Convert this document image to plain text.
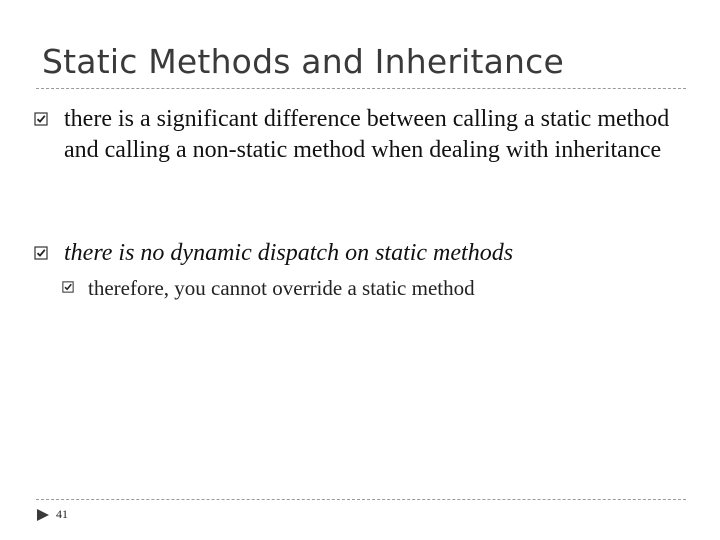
Static Methods and Inheritance
there is a significant difference between calling a static method and calling a non-static method when dealing with inheritance
there is no dynamic dispatch on static methods
therefore, you cannot override a static method
41
